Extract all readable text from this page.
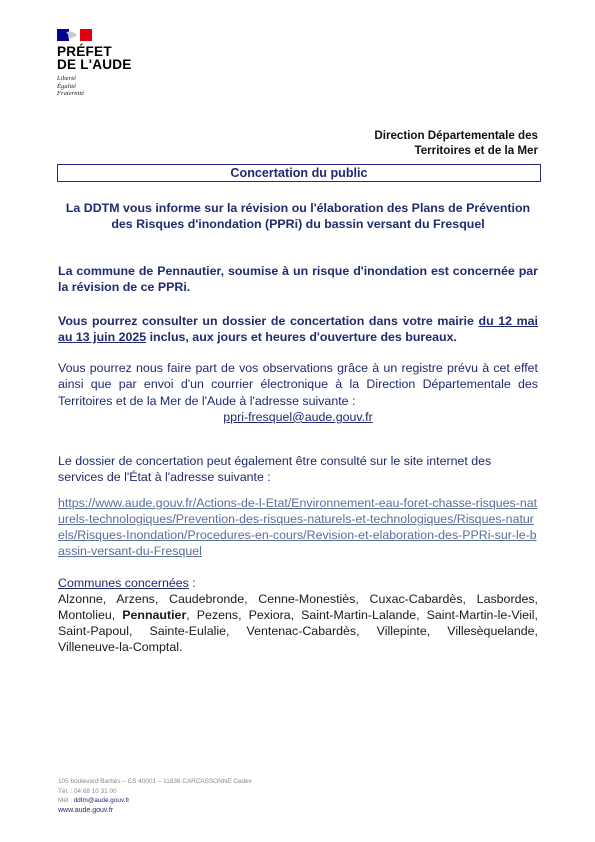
PRÉFET
DE L'AUDE
Liberté
Égalité
Fraternité
Direction Départementale des
Territoires et de la Mer
Concertation du public
La DDTM vous informe sur la révision ou l'élaboration des Plans de Prévention des Risques d'inondation (PPRi) du bassin versant du Fresquel
La commune de Pennautier, soumise à un risque d'inondation est concernée par la révision de ce PPRi.
Vous pourrez consulter un dossier de concertation dans votre mairie du 12 mai au 13 juin 2025 inclus, aux jours et heures d'ouverture des bureaux.
Vous pourrez nous faire part de vos observations grâce à un registre prévu à cet effet ainsi que par envoi d'un courrier électronique à la Direction Départementale des Territoires et de la Mer de l'Aude à l'adresse suivante :
ppri-fresquel@aude.gouv.fr
Le dossier de concertation peut également être consulté sur le site internet des services de l'État à l'adresse suivante :
https://www.aude.gouv.fr/Actions-de-l-Etat/Environnement-eau-foret-chasse-risques-naturels-technologiques/Prevention-des-risques-naturels-et-technologiques/Risques-naturels/Risques-Inondation/Procedures-en-cours/Revision-et-elaboration-des-PPRi-sur-le-bassin-versant-du-Fresquel
Communes concernées :
Alzonne, Arzens, Caudebronde, Cenne-Monestiès, Cuxac-Cabardès, Lasbordes, Montolieu, Pennautier, Pezens, Pexiora, Saint-Martin-Lalande, Saint-Martin-le-Vieil, Saint-Papoul, Sainte-Eulalie, Ventenac-Cabardès, Villepinte, Villesèquelande, Villeneuve-la-Comptal.
105 boulevard Barbès – CS 40001 – 11838 CARCASSONNE Cedex
Tél. : 04 68 10 31 00
Mél : ddtm@aude.gouv.fr
www.aude.gouv.fr
